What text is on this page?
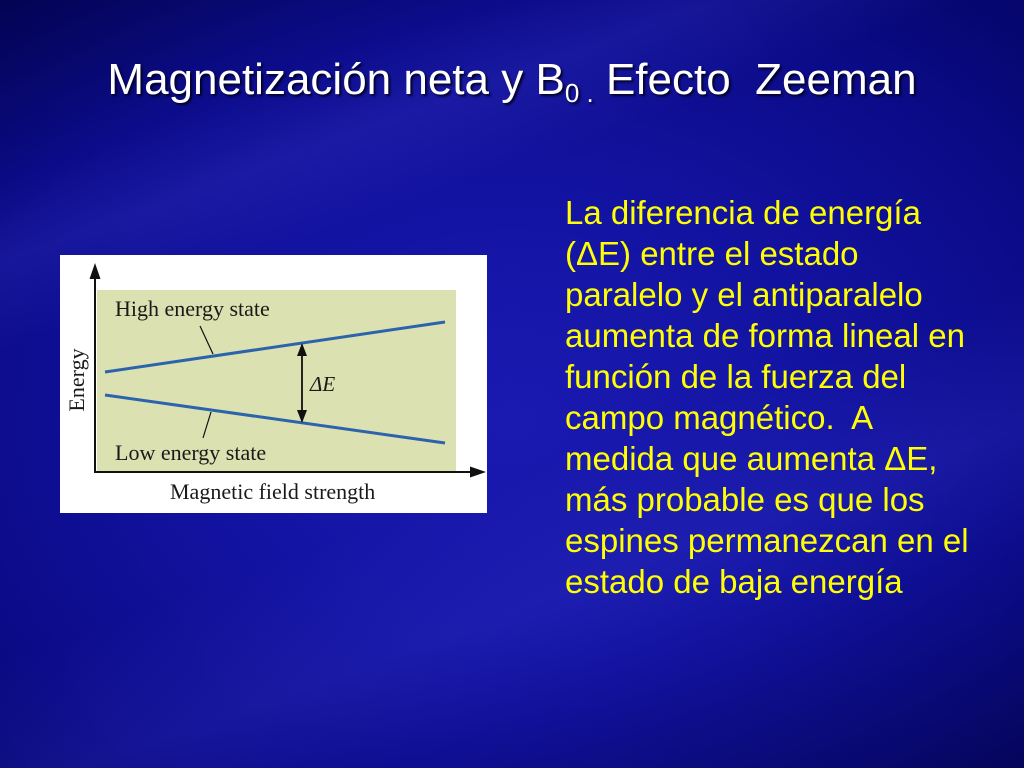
Magnetización neta y $B_{0 .}$ Efecto  Zeeman
ΔE
High energy state
Low energy state
Energy
Magnetic field strength
La diferencia de energía
(ΔE) entre el estado
paralelo y el antiparalelo
aumenta de forma lineal en
función de la fuerza del
campo magnético.  A
medida que aumenta ΔE,
más probable es que los
espines permanezcan en el
estado de baja energía
